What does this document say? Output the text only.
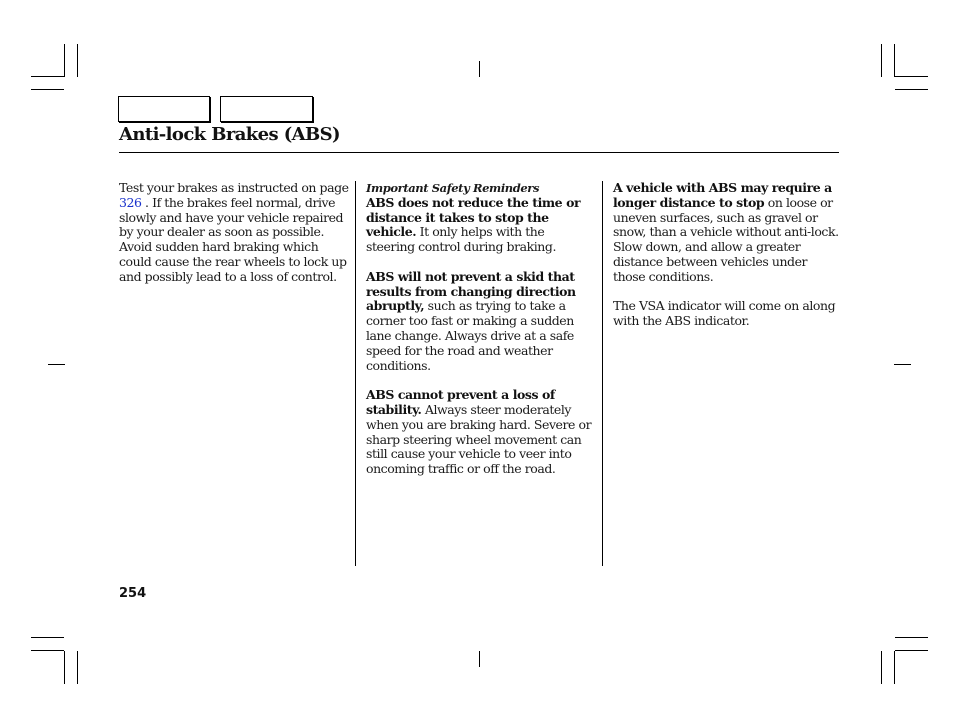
Anti-lock Brakes (ABS)

Test your brakes as instructed on page 326 . If the brakes feel normal, drive slowly and have your vehicle repaired by your dealer as soon as possible. Avoid sudden hard braking which could cause the rear wheels to lock up and possibly lead to a loss of control.

Important Safety Reminders

ABS does not reduce the time or distance it takes to stop the vehicle. It only helps with the steering control during braking.

ABS will not prevent a skid that results from changing direction abruptly, such as trying to take a corner too fast or making a sudden lane change. Always drive at a safe speed for the road and weather conditions.

ABS cannot prevent a loss of stability. Always steer moderately when you are braking hard. Severe or sharp steering wheel movement can still cause your vehicle to veer into oncoming traffic or off the road.

A vehicle with ABS may require a longer distance to stop on loose or uneven surfaces, such as gravel or snow, than a vehicle without anti-lock. Slow down, and allow a greater distance between vehicles under those conditions.

The VSA indicator will come on along with the ABS indicator.

254
